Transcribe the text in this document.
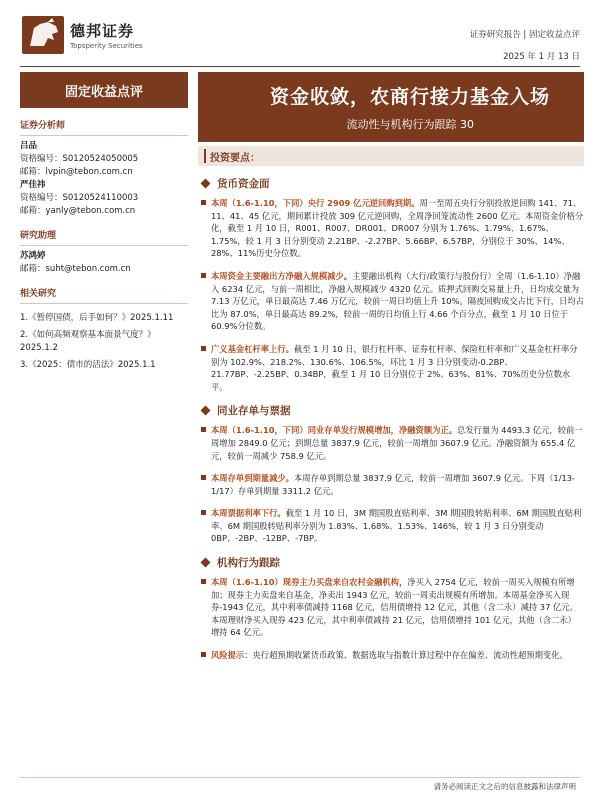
德邦证券
Topsperity Securities
证券研究报告 | 固定收益点评
2025 年 1 月 13 日
固定收益点评
证券分析师
吕品
资格编号：S0120524050005
邮箱：lvpin@tebon.com.cn
严佳祎
资格编号：S0120524110003
邮箱：yanly@tebon.com.cn
研究助理
苏鸿婷
邮箱：suht@tebon.com.cn
相关研究
1.《暂停国债，后手如何？》2025.1.11
2.《如何高频观察基本面景气度？》2025.1.2
3.《2025：债市的活法》2025.1.1
资金收敛，农商行接力基金入场
流动性与机构行为跟踪 30
投资要点：
货币资金面
本周（1.6-1.10，下同）央行 2909 亿元逆回购到期。周一至周五央行分别投放逆回购 141、71、11、41、45 亿元，期间累计投放 309 亿元逆回购，全周净回笼流动性 2600 亿元。本周资金价格分化，截至 1 月 10 日，R001、R007、DR001、DR007 分别为 1.76%、1.79%、1.67%、1.75%，较 1 月 3 日分别变动 2.21BP、-2.27BP、5.66BP、6.57BP，分别位于 30%、14%、28%、11%历史分位数。
本周资金主要融出方净融入规模减少。主要融出机构（大行/政策行与股份行）全周（1.6-1.10）净融入 6234 亿元，与前一周相比，净融入规模减少 4320 亿元。质押式回购交易量上升，日均成交量为 7.13 万亿元，单日最高达 7.46 万亿元，较前一周日均值上升 10%。隔夜回购成交占比下行，日均占比为 87.0%，单日最高达 89.2%，较前一周的日均值上行 4.66 个百分点，截至 1 月 10 日位于 60.9%分位数。
广义基金杠杆率上行。截至 1 月 10 日，银行杠杆率、证券杠杆率、保险杠杆率和广义基金杠杆率分别为 102.9%、218.2%、130.6%、106.5%，环比 1 月 3 日分别变动-0.2BP、21.77BP、-2.25BP、0.34BP，截至 1 月 10 日分别位于 2%、63%、81%、70%历史分位数水平。
同业存单与票据
本周（1.6-1.10，下同）同业存单发行规模增加，净融资额为正。总发行量为 4493.3 亿元，较前一周增加 2849.0 亿元；到期总量 3837.9 亿元，较前一周增加 3607.9 亿元。净融资额为 655.4 亿元，较前一周减少 758.9 亿元。
本周存单到期量减少。本周存单到期总量 3837.9 亿元，较前一周增加 3607.9 亿元。下周（1/13-1/17）存单到期量 3311.2 亿元。
本周票据利率下行。截至 1 月 10 日，3M 期国股直贴利率、3M 期国股转贴利率、6M 期国股直贴利率、6M 期国股转贴利率分别为 1.83%、1.68%、1.53%、146%，较 1 月 3 日分别变动 0BP、-2BP、-12BP、-7BP。
机构行为跟踪
本周（1.6-1.10）现券主力买盘来自农村金融机构，净买入 2754 亿元，较前一周买入规模有所增加；现券主力卖盘来自基金，净卖出 1943 亿元，较前一周卖出规模有所增加。本周基金净买入现券-1943 亿元，其中利率债减持 1168 亿元，信用债增持 12 亿元，其他（含二永）减持 37 亿元。本周理财净买入现券 423 亿元，其中利率债减持 21 亿元，信用债增持 101 亿元，其他（含二永）增持 64 亿元。
风险提示：央行超预期收紧货币政策、数据选取与指数计算过程中存在偏差、流动性超预期变化。
请务必阅读正文之后的信息披露和法律声明
